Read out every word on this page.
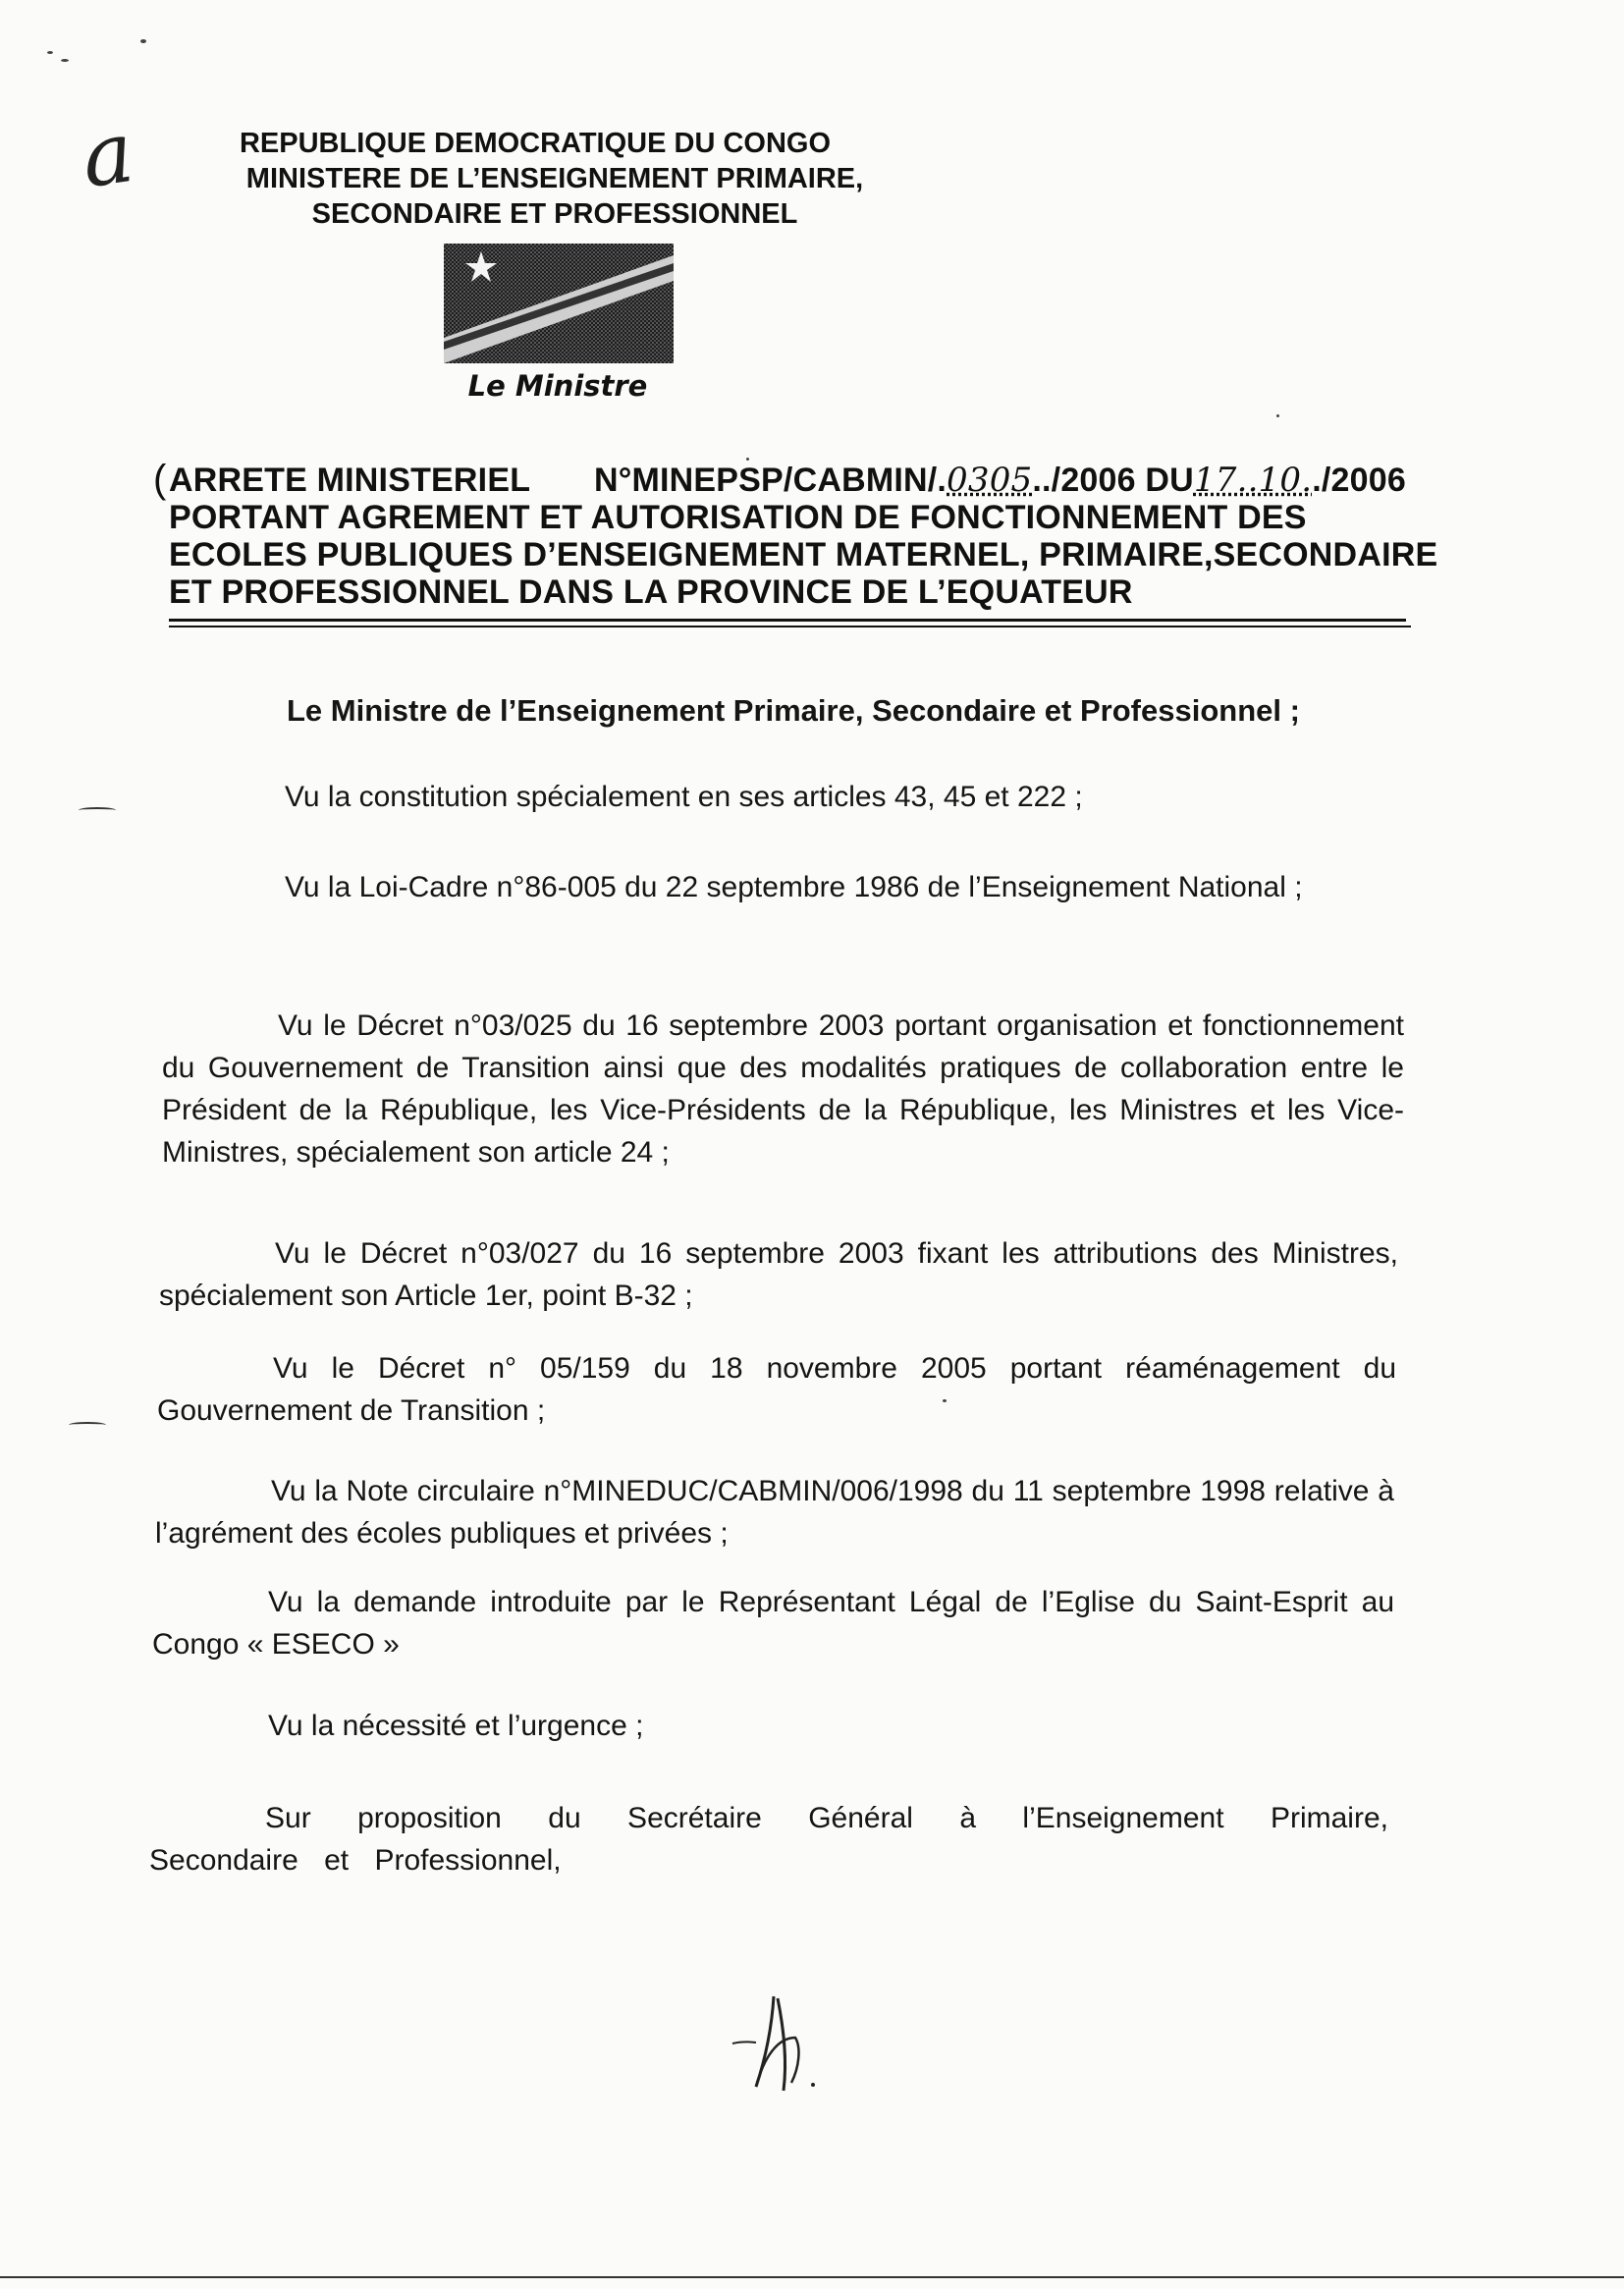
a	REPUBLIQUE DEMOCRATIQUE DU CONGO
MINISTERE DE L’ENSEIGNEMENT PRIMAIRE,
SECONDAIRE ET PROFESSIONNEL
Le Ministre
( ARRETE MINISTERIEL N°MINEPSP/CABMIN/.0305../2006 DU17..10../2006
PORTANT AGREMENT ET AUTORISATION DE FONCTIONNEMENT DES
ECOLES PUBLIQUES D’ENSEIGNEMENT MATERNEL, PRIMAIRE,SECONDAIRE
ET PROFESSIONNEL DANS LA PROVINCE DE L’EQUATEUR
Le Ministre de l’Enseignement Primaire, Secondaire et Professionnel ;
Vu la constitution spécialement en ses articles 43, 45 et 222 ;
Vu la Loi-Cadre n°86-005 du 22 septembre 1986 de l’Enseignement National ;
Vu le Décret n°03/025 du 16 septembre 2003 portant organisation et fonctionnement du Gouvernement de Transition ainsi que des modalités pratiques de collaboration entre le Président de la République, les Vice-Présidents de la République, les Ministres et les Vice-Ministres, spécialement son article 24 ;
Vu le Décret n°03/027 du 16 septembre 2003 fixant les attributions des Ministres, spécialement son Article 1er, point B-32 ;
Vu le Décret n° 05/159 du 18 novembre 2005 portant réaménagement du Gouvernement de Transition ;
Vu la Note circulaire n°MINEDUC/CABMIN/006/1998 du 11 septembre 1998 relative à l’agrément des écoles publiques et privées ;
Vu la demande introduite par le Représentant Légal de l’Eglise du Saint-Esprit au Congo « ESECO »
Vu la nécessité et l’urgence ;
Sur proposition du Secrétaire Général à l’Enseignement Primaire, Secondaire et Professionnel,
